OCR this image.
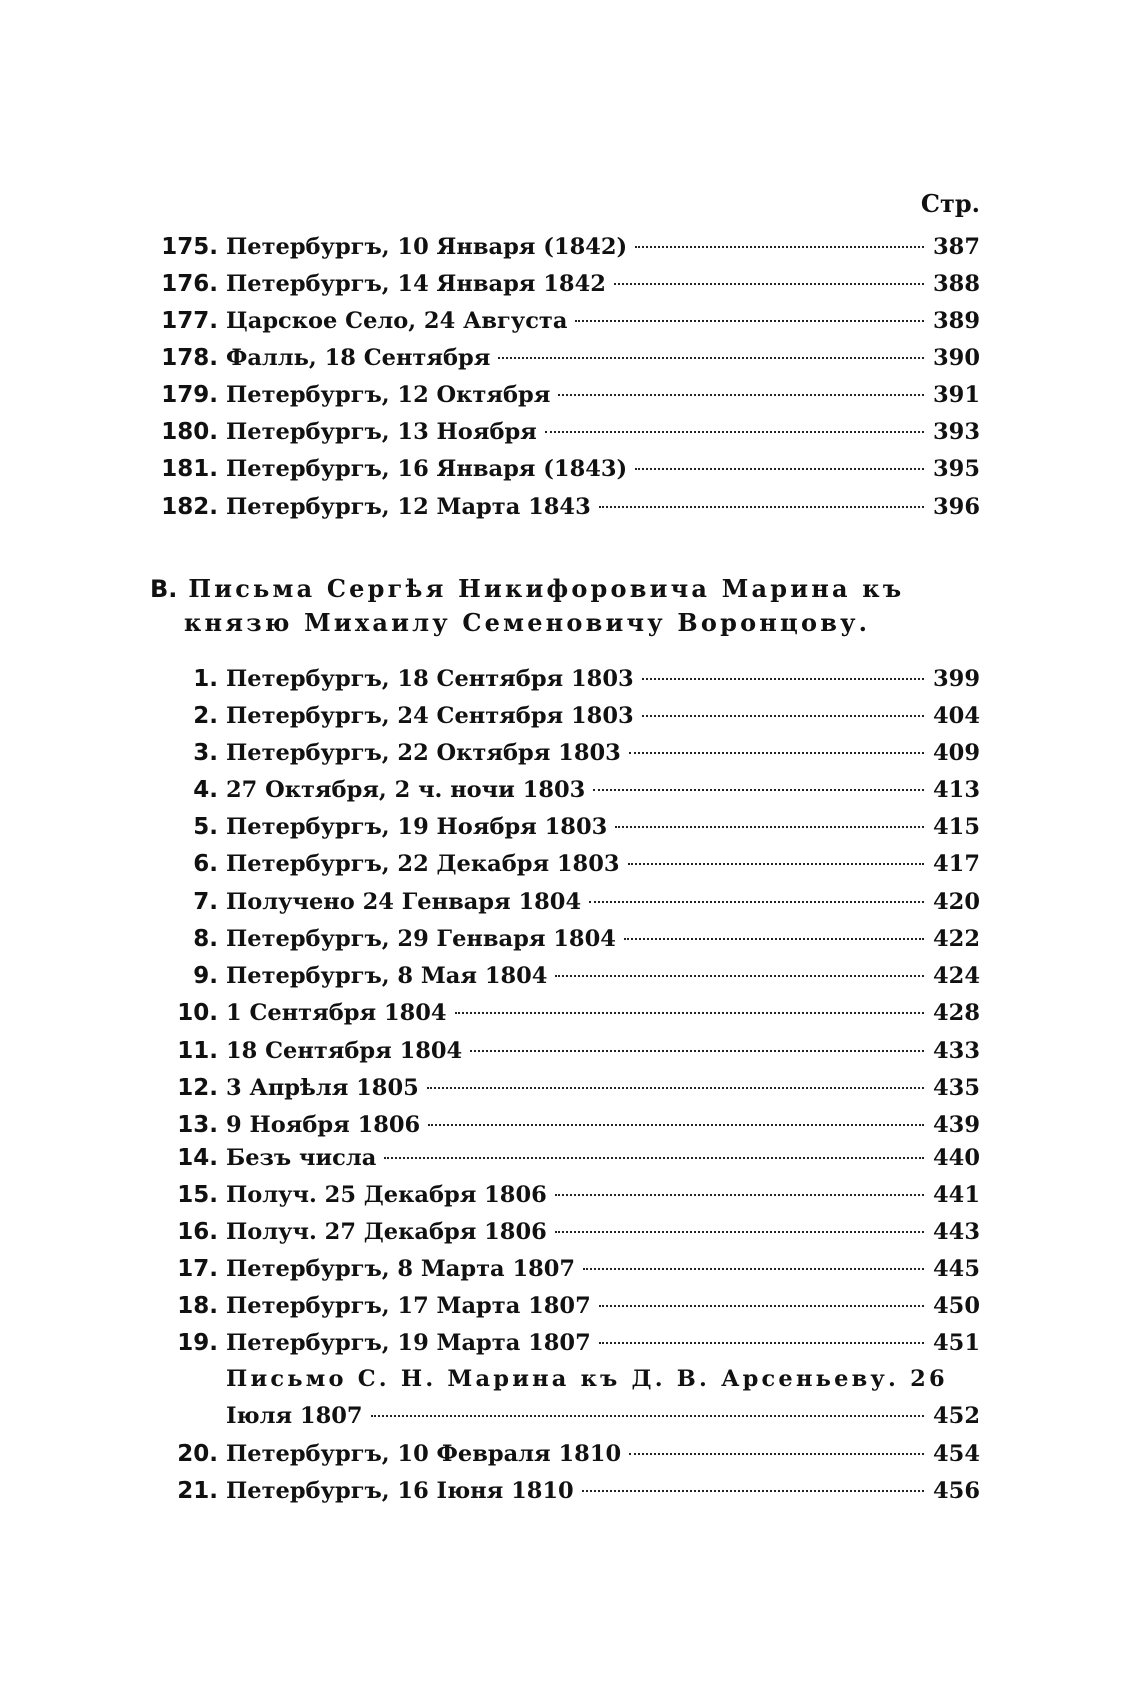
Стр.
175. Петербургъ, 10 Января (1842)	387
176. Петербургъ, 14 Января 1842	388
177. Царское Село, 24 Августа	389
178. Фалль, 18 Сентября	390
179. Петербургъ, 12 Октября	391
180. Петербургъ, 13 Ноября	393
181. Петербургъ, 16 Января (1843)	395
182. Петербургъ, 12 Марта 1843	396
В. Письма Сергѣя Никифоровича Марина къ
князю Михаилу Семеновичу Воронцову.
1. Петербургъ, 18 Сентября 1803	399
2. Петербургъ, 24 Сентября 1803	404
3. Петербургъ, 22 Октября 1803	409
4. 27 Октября, 2 ч. ночи 1803	413
5. Петербургъ, 19 Ноября 1803	415
6. Петербургъ, 22 Декабря 1803	417
7. Получено 24 Генваря 1804	420
8. Петербургъ, 29 Генваря 1804	422
9. Петербургъ, 8 Мая 1804	424
10. 1 Сентября 1804	428
11. 18 Сентября 1804	433
12. 3 Апрѣля 1805	435
13. 9 Ноября 1806	439
14. Безъ числа	440
15. Получ. 25 Декабря 1806	441
16. Получ. 27 Декабря 1806	443
17. Петербургъ, 8 Марта 1807	445
18. Петербургъ, 17 Марта 1807	450
19. Петербургъ, 19 Марта 1807	451
Письмо С. Н. Марина къ Д. В. Арсеньеву. 26
Іюля 1807	452
20. Петербургъ, 10 Февраля 1810	454
21. Петербургъ, 16 Іюня 1810	456
